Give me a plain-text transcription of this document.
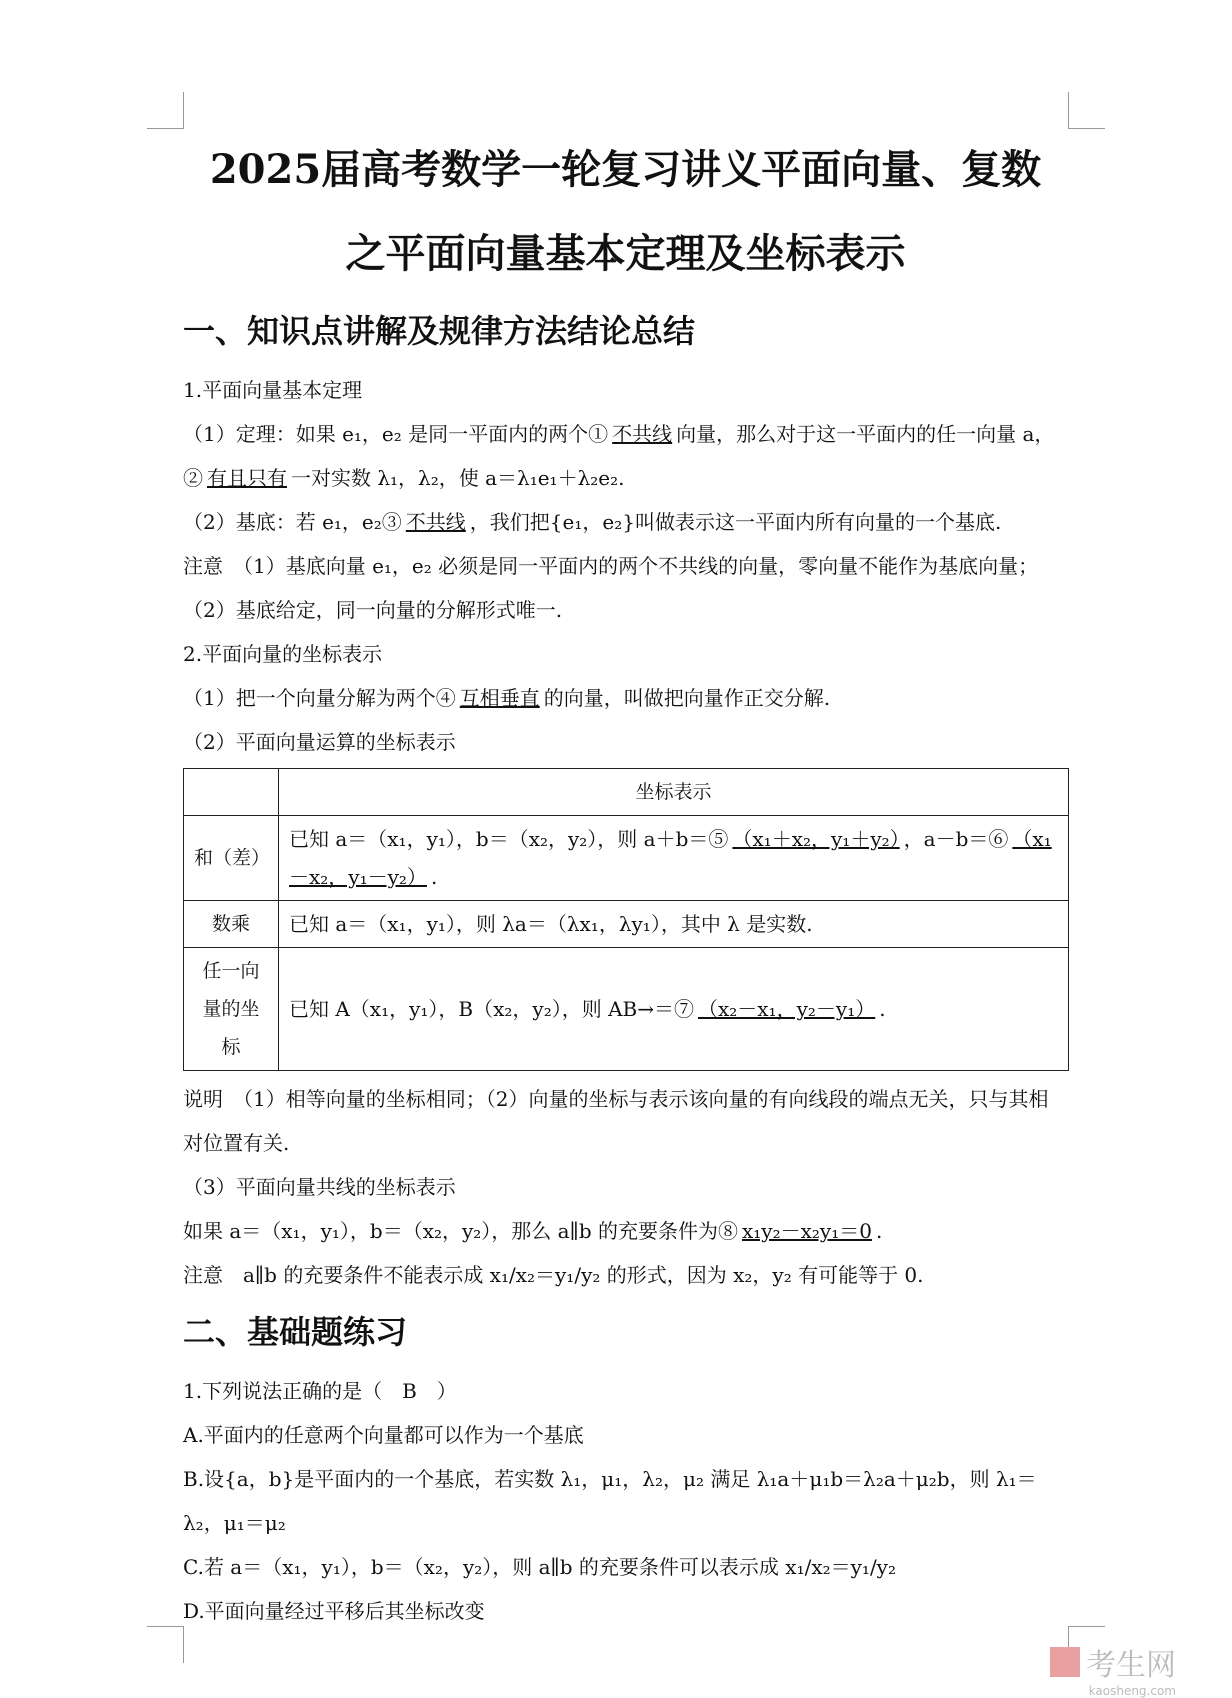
2025届高考数学一轮复习讲义平面向量、复数
之平面向量基本定理及坐标表示
一、知识点讲解及规律方法结论总结

1.平面向量基本定理

（1）定理：如果 e₁，e₂ 是同一平面内的两个① 不共线 向量，那么对于这一平面内的任一向量 a，② 有且只有 一对实数 λ₁，λ₂，使 a＝λ₁e₁＋λ₂e₂.

（2）基底：若 e₁，e₂③ 不共线 ，我们把{e₁，e₂}叫做表示这一平面内所有向量的一个基底.

注意　（1）基底向量 e₁，e₂ 必须是同一平面内的两个不共线的向量，零向量不能作为基底向量；（2）基底给定，同一向量的分解形式唯一.

2.平面向量的坐标表示

（1）把一个向量分解为两个④ 互相垂直 的向量，叫做把向量作正交分解.

（2）平面向量运算的坐标表示

	坐标表示
和（差）	已知 a＝（x₁，y₁），b＝（x₂，y₂），则 a＋b＝⑤ （x₁＋x₂，y₁＋y₂） ，a－b＝⑥ （x₁－x₂，y₁－y₂） .
数乘	已知 a＝（x₁，y₁），则 λa＝（λx₁，λy₁），其中 λ 是实数.
任一向量的坐标	已知 A（x₁，y₁），B（x₂，y₂），则 AB→＝⑦ （x₂－x₁，y₂－y₁） .

说明　（1）相等向量的坐标相同；（2）向量的坐标与表示该向量的有向线段的端点无关，只与其相对位置有关.

（3）平面向量共线的坐标表示

如果 a＝（x₁，y₁），b＝（x₂，y₂），那么 a∥b 的充要条件为⑧ x₁y₂－x₂y₁＝0 .

注意　a∥b 的充要条件不能表示成 x₁/x₂＝y₁/y₂ 的形式，因为 x₂，y₂ 有可能等于 0.

二、基础题练习

1.下列说法正确的是（　B　）

A.平面内的任意两个向量都可以作为一个基底

B.设{a，b}是平面内的一个基底，若实数 λ₁，μ₁，λ₂，μ₂ 满足 λ₁a＋μ₁b＝λ₂a＋μ₂b，则 λ₁＝λ₂，μ₁＝μ₂

C.若 a＝（x₁，y₁），b＝（x₂，y₂），则 a∥b 的充要条件可以表示成 x₁/x₂＝y₁/y₂

D.平面向量经过平移后其坐标改变

考生网
kaosheng.com
